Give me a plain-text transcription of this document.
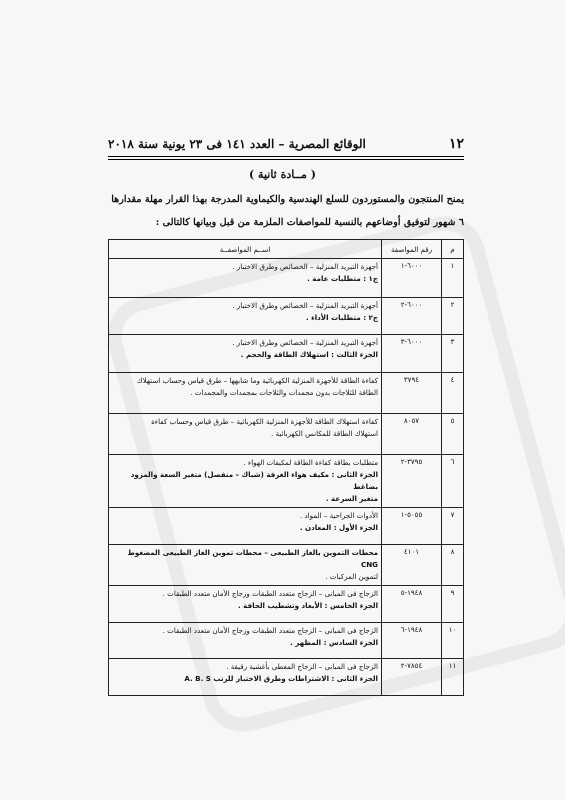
١٢
الوقائع المصرية – العدد ١٤١ فى ٢٣ يونية سنة ٢٠١٨
( مــادة ثانية )
يمنح المنتجون والمستوردون للسلع الهندسية والكيماوية المدرجة بهذا القرار مهلة مقدارها
٦ شهور لتوفيق أوضاعهم بالنسبة للمواصفات الملزمة من قبل وبيانها كالتالى :
م	رقم المواصفة	اســم المواصفــة
١	٦٠٠٠-١	أجهزة التبريد المنزلية – الخصائص وطرق الاختبار .
ج١ : متطلبات عامة .

٢	٦٠٠٠-٢	أجهزة التبريد المنزلية – الخصائص وطرق الاختبار .
ج٢ : متطلبات الأداء .

٣	٦٠٠٠-٣	أجهزة التبريد المنزلية – الخصائص وطرق الاختبار .
الجزء الثالث : استهلاك الطاقة والحجم .

٤	٣٧٩٤	كفاءة الطاقة للأجهزة المنزلية الكهربائية وما شابهها – طرق قياس وحساب استهلاك
الطاقة للثلاجات بدون مجمدات والثلاجات بمجمدات والمجمدات .

٥	٨٠٥٧	كفاءة استهلاك الطاقة للأجهزة المنزلية الكهربائية – طرق قياس وحساب كفاءة
استهلاك الطاقة للمكانس الكهربائية .

٦	٣٧٩٥-٢	متطلبات بطاقة كفاءة الطاقة لمكيفات الهواء .
الجزء الثانى : مكيف هواء الغرفة (شباك – منفصل) متغير السعة والمزود بضاغط
متغير السرعة .

٧	٥٠٥٥-١	الأدوات الجراحية – المواد .
الجزء الأول : المعادن .

٨	٤١٠١	محطات التموين بالغاز الطبيعى – محطات تموين الغاز الطبيعى المضغوط CNG
لتموين المركبات .

٩	١٩٤٨-٥	الزجاج فى المبانى – الزجاج متعدد الطبقات وزجاج الأمان متعدد الطبقات .
الجزء الخامس : الأبعاد وتشطيب الحافة .

١٠	١٩٤٨-٦	الزجاج فى المبانى – الزجاج متعدد الطبقات وزجاج الأمان متعدد الطبقات .
الجزء السادس : المظهر .

١١	٧٨٥٤-٢	الزجاج فى المبانى – الزجاج المغطى بأغشية رقيقة .
الجزء الثانى : الاشتراطات وطرق الاختبار للرتب A. B. S
